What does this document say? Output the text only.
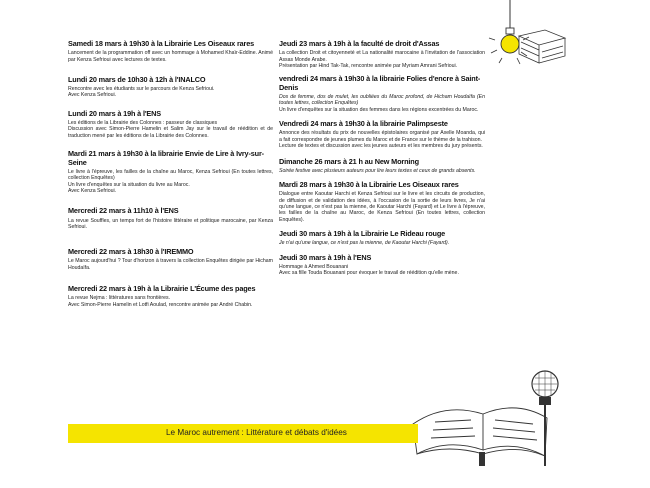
Samedi 18 mars à 19h30 à la Librairie Les Oiseaux rares

Lancement de la programmation off avec un hommage à Mohamed Khaïr-Eddine. Animé par Kenza Sefrioui avec lectures de textes.

Lundi 20 mars de 10h30 à 12h à l'INALCO

Rencontre avec les étudiants sur le parcours de Kenza Sefrioui.

Avec Kenza Sefrioui.

Lundi 20 mars à 19h à l'ENS

Les éditions de la Librairie des Colonnes : passeur de classiques

Discussion avec Simon-Pierre Hamelin et Salim Jay sur le travail de réédition et de traduction mené par les éditions de la Librairie des Colonnes.

Mardi 21 mars à 19h30 à la librairie Envie de Lire à Ivry-sur-Seine

Le livre à l'épreuve, les failles de la chaîne au Maroc, Kenza Sefrioui (En toutes lettres, collection Enquêtes)

Un livre d'enquêtes sur la situation du livre au Maroc.

Avec Kenza Sefrioui.

Mercredi 22 mars à 11h10 à l'ENS

La revue Souffles, un temps fort de l'histoire littéraire et politique marocaine, par Kenza Sefrioui.

Mercredi 22 mars à 18h30 à l'IREMMO

Le Maroc aujourd'hui ? Tour d'horizon à travers la collection Enquêtes dirigée par Hicham Houdaïfa.

Mercredi 22 mars à 19h à la Librairie L'Écume des pages

La revue Nejma : littératures sans frontières.

Avec Simon-Pierre Hamelin et Lotfi Aoulad, rencontre animée par André Chabin.

Jeudi 23 mars à 19h à la faculté de droit d'Assas

La collection Droit et citoyenneté et La nationalité marocaine à l'invitation de l'association Assas Monde Arabe.

Présentation par Hind Tak-Tak, rencontre animée par Myriam Amrani Sefrioui.

vendredi 24 mars à 19h30 à la librairie Folies d'encre à Saint-Denis

Dos de femme, dos de mulet, les oubliées du Maroc profond, de Hicham Houdaïfa (En toutes lettres, collection Enquêtes)

Un livre d'enquêtes sur la situation des femmes dans les régions excentrées du Maroc.

Vendredi 24 mars à 19h30 à la librairie Palimpseste

Annonce des résultats du prix de nouvelles épistolaires organisé par Axelle Moanda, qui a fait correspondre de jeunes plumes du Maroc et de France sur le thème de la trahison.

Lecture de textes et discussion avec les jeunes auteurs et les membres du jury présents.

Dimanche 26 mars à 21 h au New Morning

Soirée festive avec plusieurs auteurs pour lire leurs textes et ceux de grands absents.

Mardi 28 mars à 19h30 à la Librairie Les Oiseaux rares

Dialogue entre Kaoutar Harchi et Kenza Sefrioui sur le livre et les circuits de production, de diffusion et de validation des idées, à l'occasion de la sortie de leurs livres, Je n'ai qu'une langue, ce n'est pas la mienne, de Kaoutar Harchi (Fayard) et Le livre à l'épreuve, les failles de la chaîne au Maroc, de Kenza Sefrioui (En toutes lettres, collection Enquêtes).

Jeudi 30 mars à 19h à la Librairie Le Rideau rouge

Je n'ai qu'une langue, ce n'est pas la mienne, de Kaoutar Harchi (Fayard).

Jeudi 30 mars à 19h à l'ENS

Hommage à Ahmed Bouanani

Avec sa fille Touda Bouanani pour évoquer le travail de réédition qu'elle mène.

Le Maroc autrement : Littérature et débats d'idées
